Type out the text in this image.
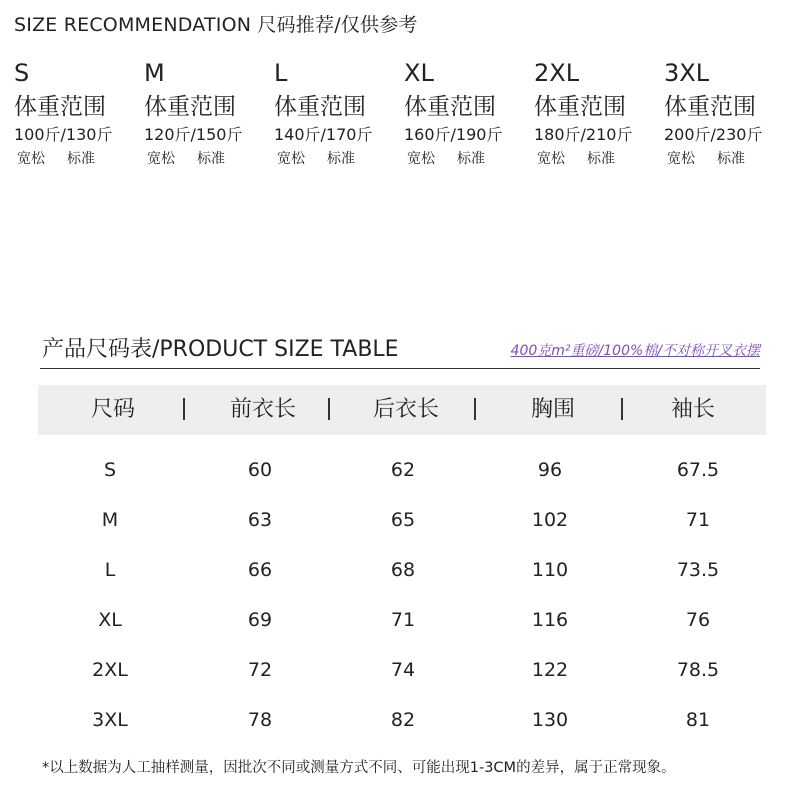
SIZE RECOMMENDATION 尺码推荐/仅供参考
S
体重范围
100斤/130斤
宽松 标准
M
体重范围
120斤/150斤
宽松 标准
L
体重范围
140斤/170斤
宽松 标准
XL
体重范围
160斤/190斤
宽松 标准
2XL
体重范围
180斤/210斤
宽松 标准
3XL
体重范围
200斤/230斤
宽松 标准
产品尺码表/PRODUCT SIZE TABLE	400克m²重磅/100%棉/不对称开叉衣摆
尺码	前衣长	后衣长	胸围	袖长
S	60	62	96	67.5
M	63	65	102	71
L	66	68	110	73.5
XL	69	71	116	76
2XL	72	74	122	78.5
3XL	78	82	130	81
*以上数据为人工抽样测量，因批次不同或测量方式不同、可能出现1-3CM的差异，属于正常现象。
